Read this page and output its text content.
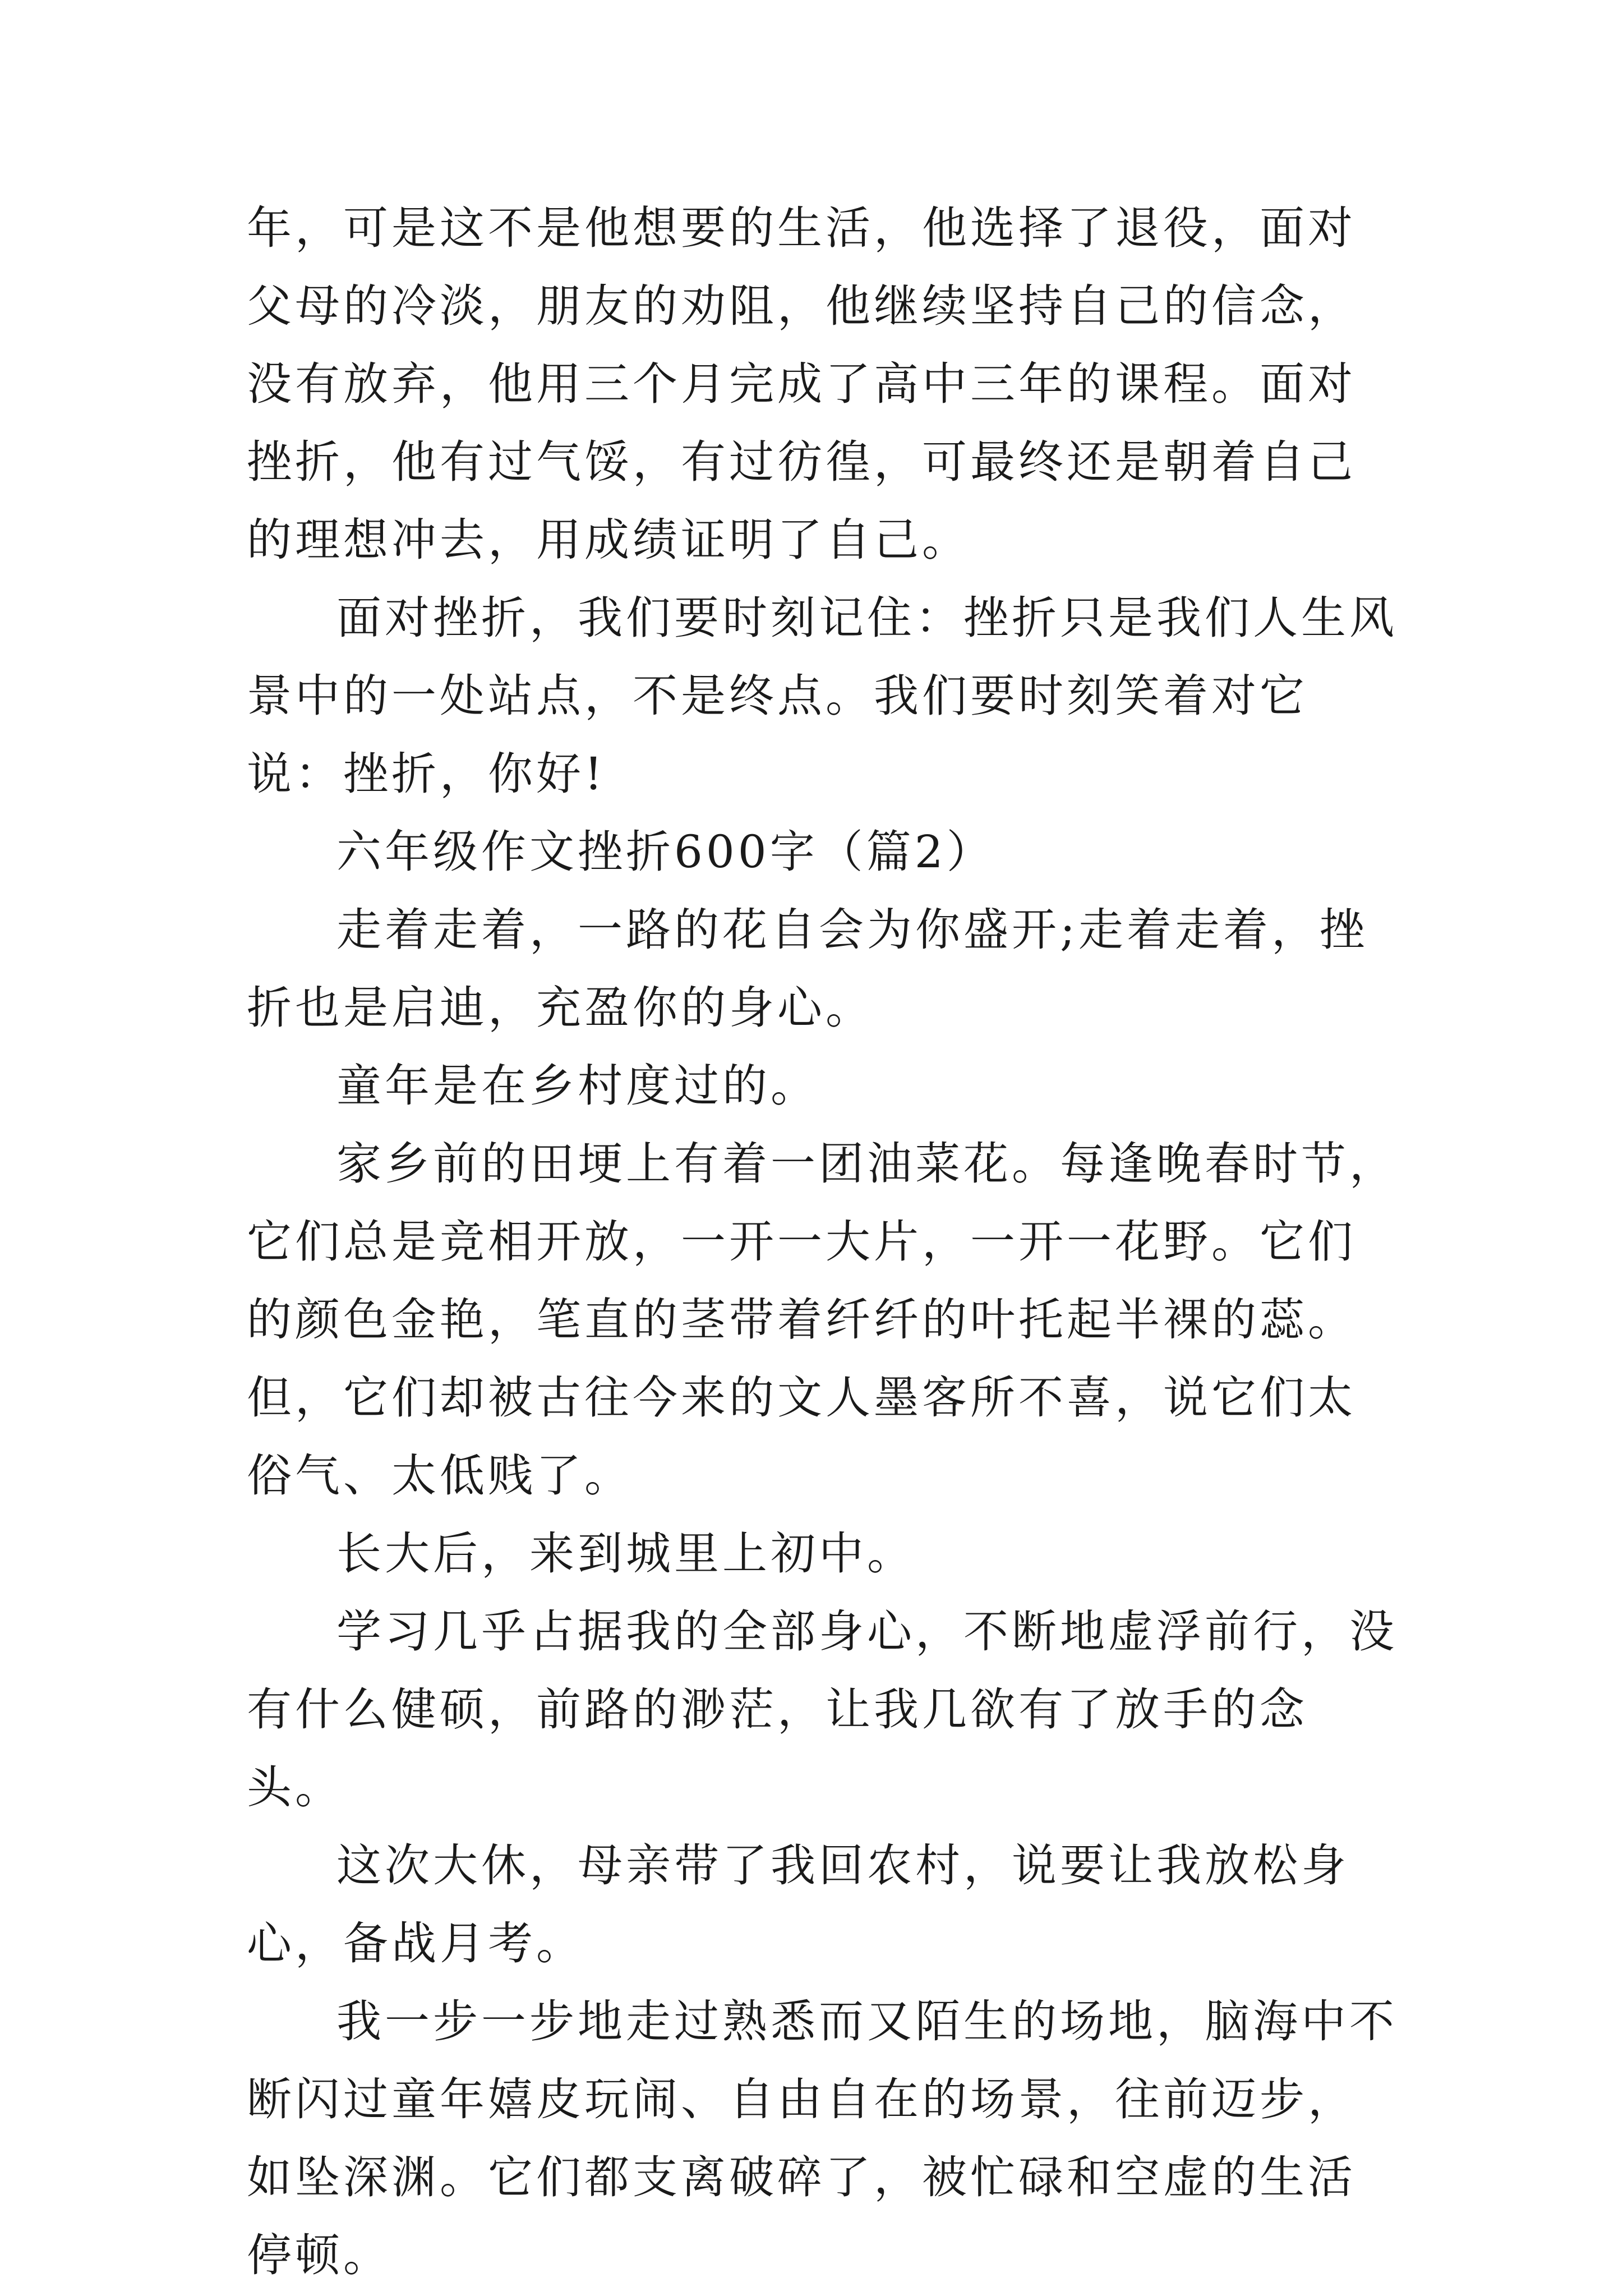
年，可是这不是他想要的生活，他选择了退役，面对父母的冷淡，朋友的劝阻，他继续坚持自己的信念，没有放弃，他用三个月完成了高中三年的课程。面对挫折，他有过气馁，有过彷徨，可最终还是朝着自己的理想冲去，用成绩证明了自己。

面对挫折，我们要时刻记住：挫折只是我们人生风景中的一处站点，不是终点。我们要时刻笑着对它说：挫折，你好!

六年级作文挫折600字（篇2）

走着走着，一路的花自会为你盛开;走着走着，挫折也是启迪，充盈你的身心。

童年是在乡村度过的。

家乡前的田埂上有着一团油菜花。每逢晚春时节，它们总是竞相开放，一开一大片，一开一花野。它们的颜色金艳，笔直的茎带着纤纤的叶托起半裸的蕊。但，它们却被古往今来的文人墨客所不喜，说它们太俗气、太低贱了。

长大后，来到城里上初中。

学习几乎占据我的全部身心，不断地虚浮前行，没有什么健硕，前路的渺茫，让我几欲有了放手的念头。

这次大休，母亲带了我回农村，说要让我放松身心，备战月考。

我一步一步地走过熟悉而又陌生的场地，脑海中不断闪过童年嬉皮玩闹、自由自在的场景，往前迈步，如坠深渊。它们都支离破碎了，被忙碌和空虚的生活停顿。
